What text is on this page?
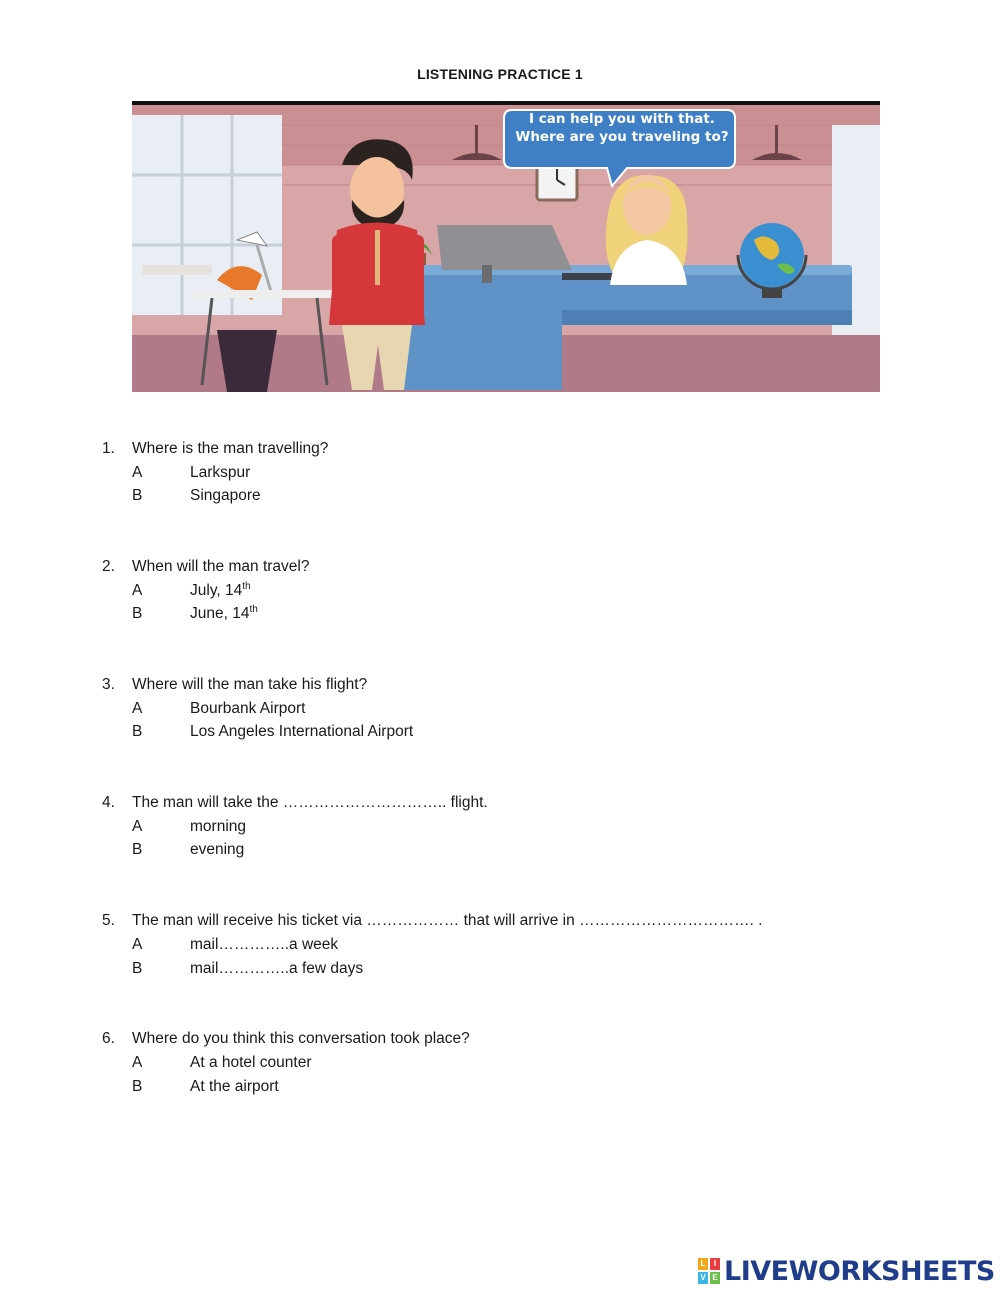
LISTENING PRACTICE 1
I can help you with that. Where are you traveling to?
1. Where is the man travelling?
A	Larkspur
B	Singapore
2. When will the man travel?
A	July, 14th
B	June, 14th
3. Where will the man take his flight?
A	Bourbank Airport
B	Los Angeles International Airport
4. The man will take the ………………………….. flight.
A	morning
B	evening
5. The man will receive his ticket via ……………… that will arrive in ……………………………. .
A	mail…………..a week
B	mail…………..a few days
6. Where do you think this conversation took place?
A	At a hotel counter
B	At the airport
L	I
V E LIVEWORKSHEETS
